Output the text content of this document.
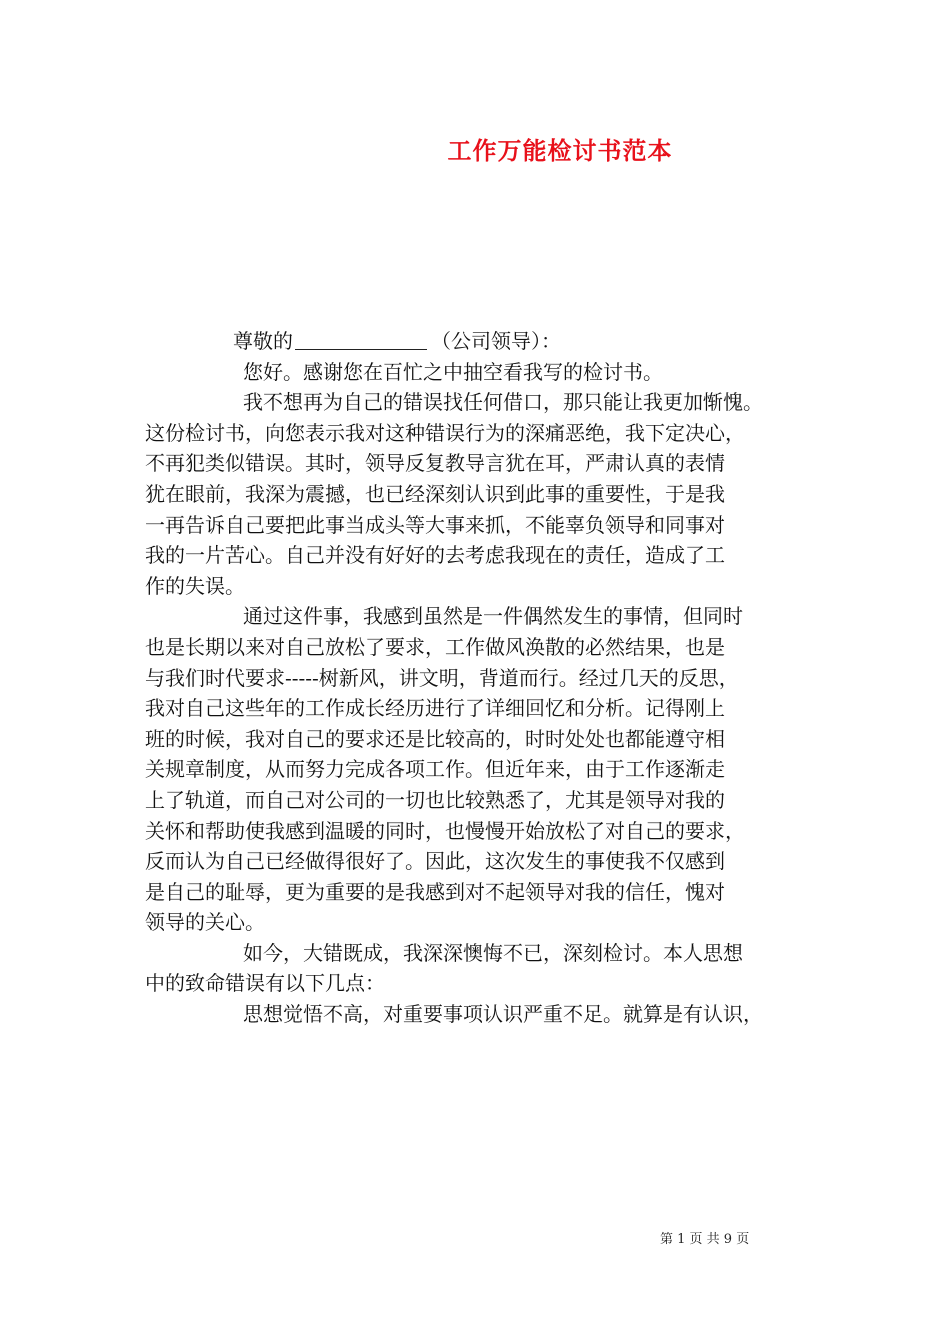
工作万能检讨书范本
尊敬的	（公司领导）：
您好。感谢您在百忙之中抽空看我写的检讨书。
我不想再为自己的错误找任何借口，那只能让我更加惭愧。
这份检讨书，向您表示我对这种错误行为的深痛恶绝，我下定决心，
不再犯类似错误。其时，领导反复教导言犹在耳，严肃认真的表情
犹在眼前，我深为震撼，也已经深刻认识到此事的重要性，于是我
一再告诉自己要把此事当成头等大事来抓，不能辜负领导和同事对
我的一片苦心。自己并没有好好的去考虑我现在的责任，造成了工
作的失误。
通过这件事，我感到虽然是一件偶然发生的事情，但同时
也是长期以来对自己放松了要求，工作做风涣散的必然结果，也是
与我们时代要求-----树新风，讲文明，背道而行。经过几天的反思，
我对自己这些年的工作成长经历进行了详细回忆和分析。记得刚上
班的时候，我对自己的要求还是比较高的，时时处处也都能遵守相
关规章制度，从而努力完成各项工作。但近年来，由于工作逐渐走
上了轨道，而自己对公司的一切也比较熟悉了，尤其是领导对我的
关怀和帮助使我感到温暖的同时，也慢慢开始放松了对自己的要求，
反而认为自己已经做得很好了。因此，这次发生的事使我不仅感到
是自己的耻辱，更为重要的是我感到对不起领导对我的信任，愧对
领导的关心。
如今，大错既成，我深深懊悔不已，深刻检讨。本人思想
中的致命错误有以下几点：
思想觉悟不高，对重要事项认识严重不足。就算是有认识，
第 1 页 共 9 页
